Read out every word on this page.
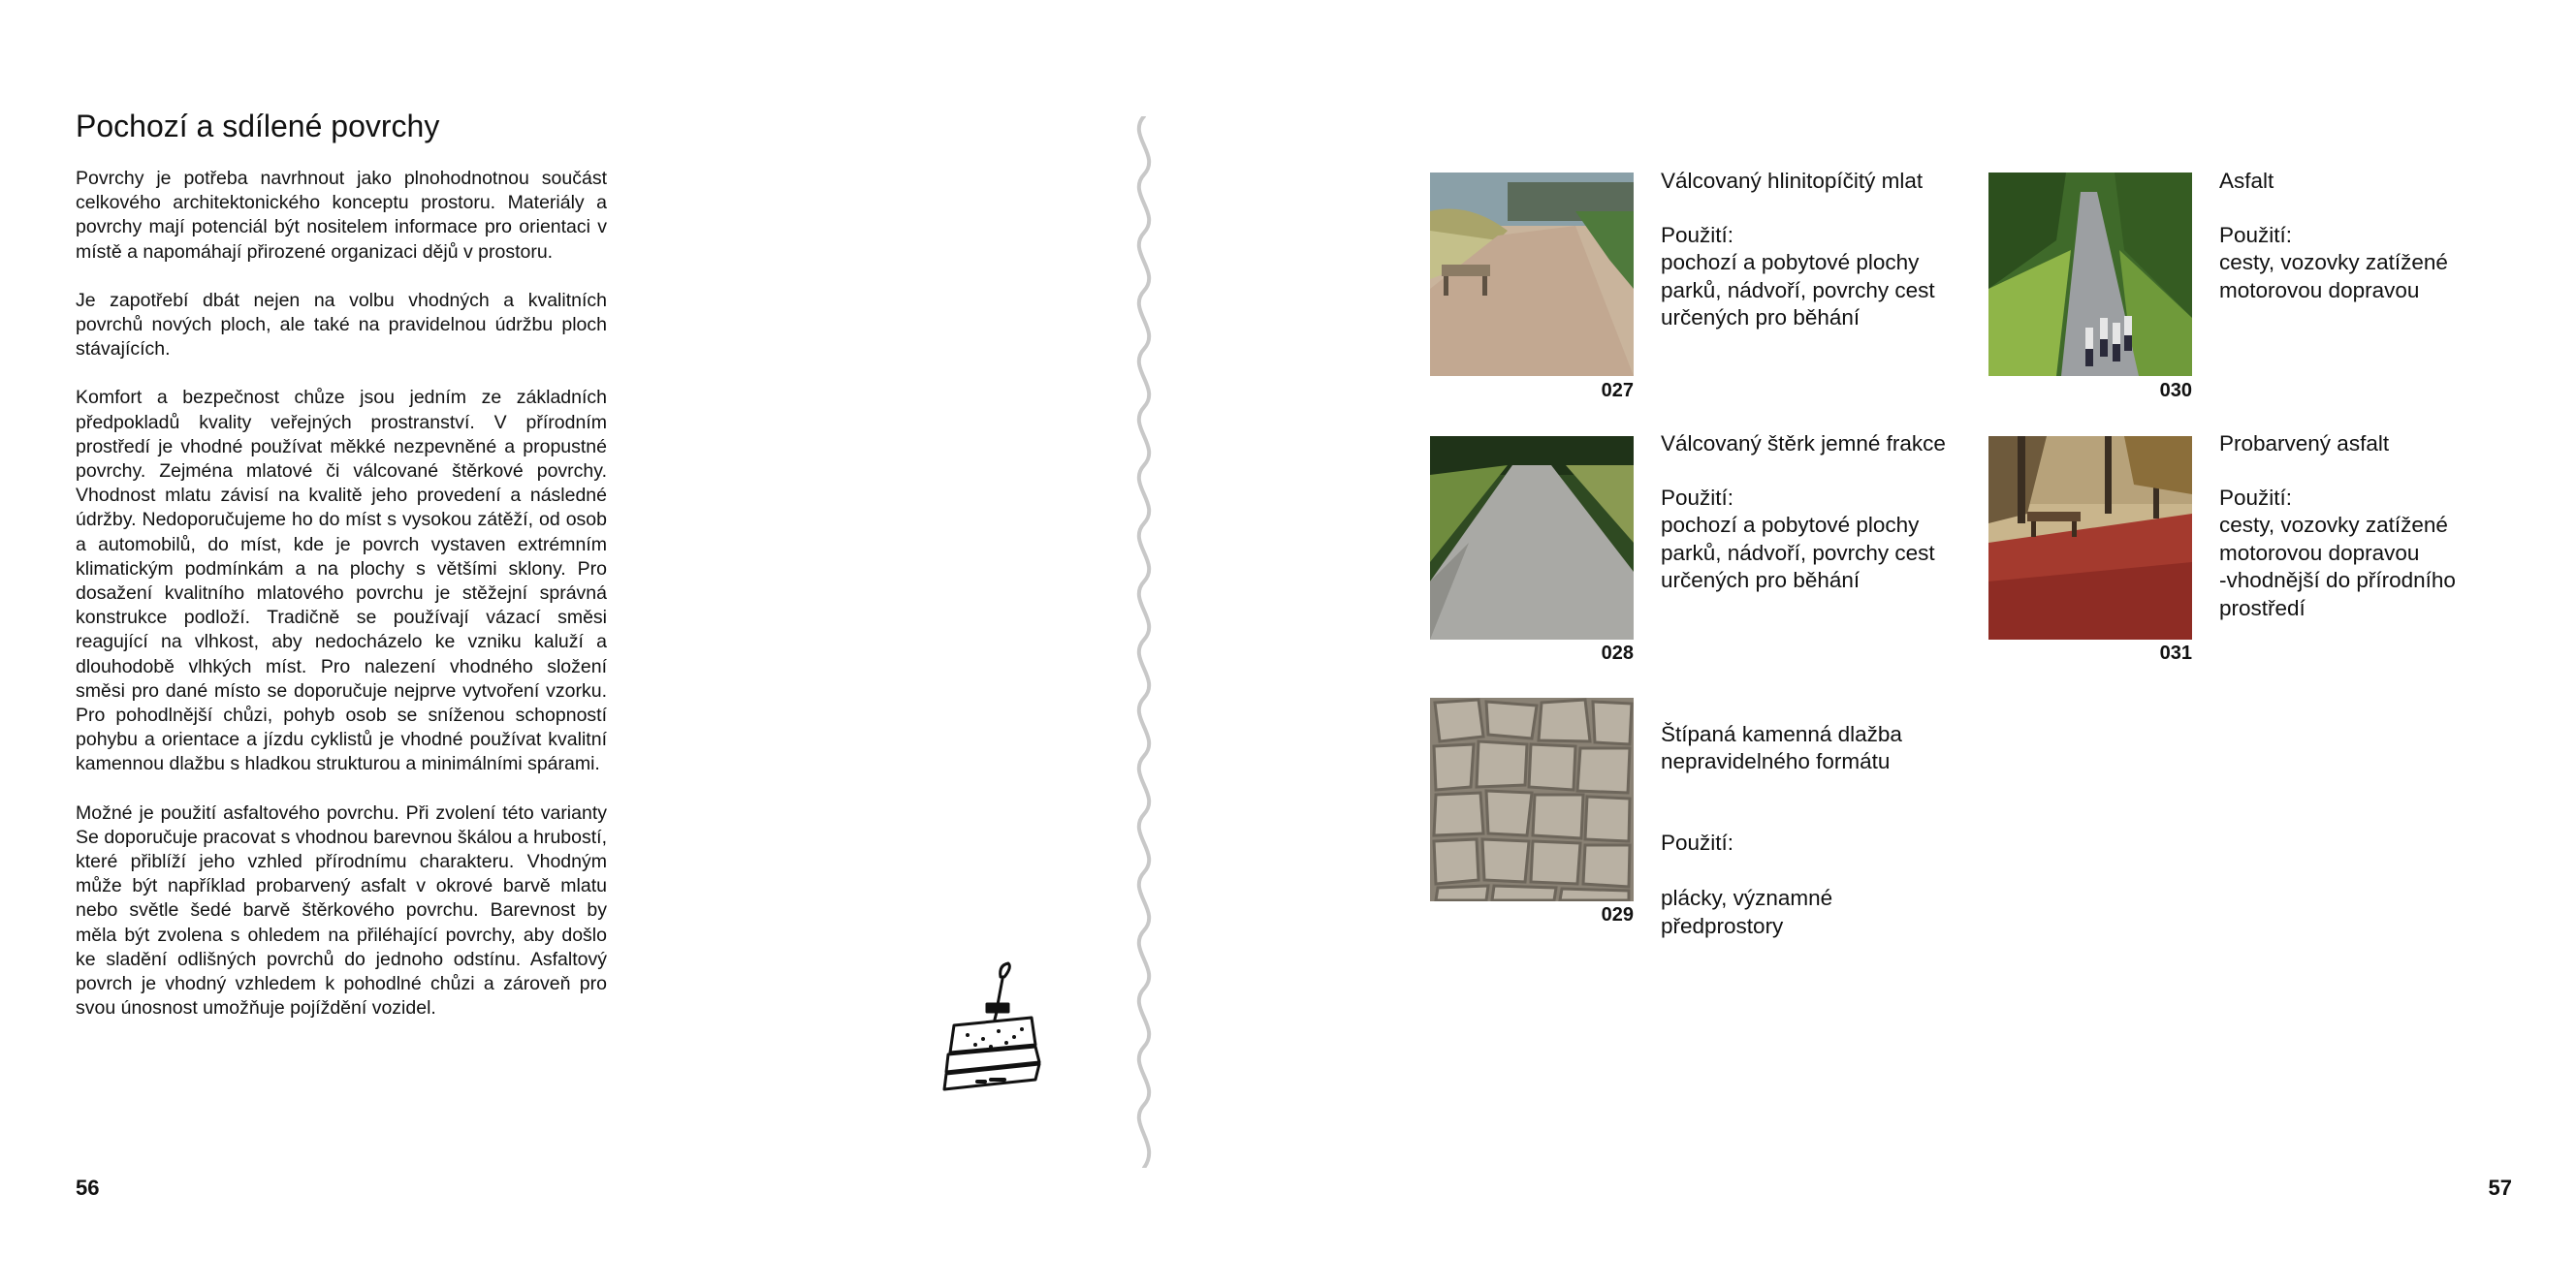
Pochozí a sdílené povrchy

Povrchy je potřeba navrhnout jako plnohodnotnou součást celkového architektonického konceptu prostoru. Materiály a povrchy mají potenciál být nositelem informace pro orientaci v místě a napomáhají přirozené organizaci dějů v prostoru.

Je zapotřebí dbát nejen na volbu vhodných a kvalitních povrchů nových ploch, ale také na pravidelnou údržbu ploch stávajících.

Komfort a bezpečnost chůze jsou jedním ze základních předpokladů kvality veřejných prostranství. V přírodním prostředí je vhodné používat měkké nezpevněné a propustné povrchy. Zejména mlatové či válcované štěrkové povrchy. Vhodnost mlatu závisí na kvalitě jeho provedení a následné údržby. Nedoporučujeme ho do míst s vysokou zátěží, od osob a automobilů, do míst, kde je povrch vystaven extrémním klimatickým podmínkám a na plochy s většími sklony. Pro dosažení kvalitního mlatového povrchu je stěžejní správná konstrukce podloží. Tradičně se používají vázací směsi reagující na vlhkost, aby nedocházelo ke vzniku kaluží a dlouhodobě vlhkých míst. Pro nalezení vhodného složení směsi pro dané místo se doporučuje nejprve vytvoření vzorku. Pro pohodlnější chůzi, pohyb osob se sníženou schopností pohybu a orientace a jízdu cyklistů je vhodné používat kvalitní kamennou dlažbu s hladkou strukturou a minimálními spárami.

Možné je použití asfaltového povrchu. Při zvolení této varianty Se doporučuje pracovat s vhodnou barevnou škálou a hrubostí, které přiblíží jeho vzhled přírodnímu charakteru. Vhodným může být například probarvený asfalt v okrové barvě mlatu nebo světle šedé barvě štěrkového povrchu. Barevnost by měla být zvolena s ohledem na přiléhající povrchy, aby došlo ke sladění odlišných povrchů do jednoho odstínu. Asfaltový povrch je vhodný vzhledem k pohodlné chůzi a zároveň pro svou únosnost umožňuje pojíždění vozidel.

56	57
027
Válcovaný hlinitopíčitý mlat
Použití:
pochozí a pobytové plochy
parků, nádvoří, povrchy cest
určených pro běhání
028
Válcovaný štěrk jemné frakce
Použití:
pochozí a pobytové plochy
parků, nádvoří, povrchy cest
určených pro běhání
029

Štípaná kamenná dlažba
nepravidelného formátu

Použití:

plácky, významné
předprostory

030
Asfalt
Použití:
cesty, vozovky zatížené
motorovou dopravou
031
Probarvený asfalt
Použití:
cesty, vozovky zatížené
motorovou dopravou
-vhodnější do přírodního
prostředí
